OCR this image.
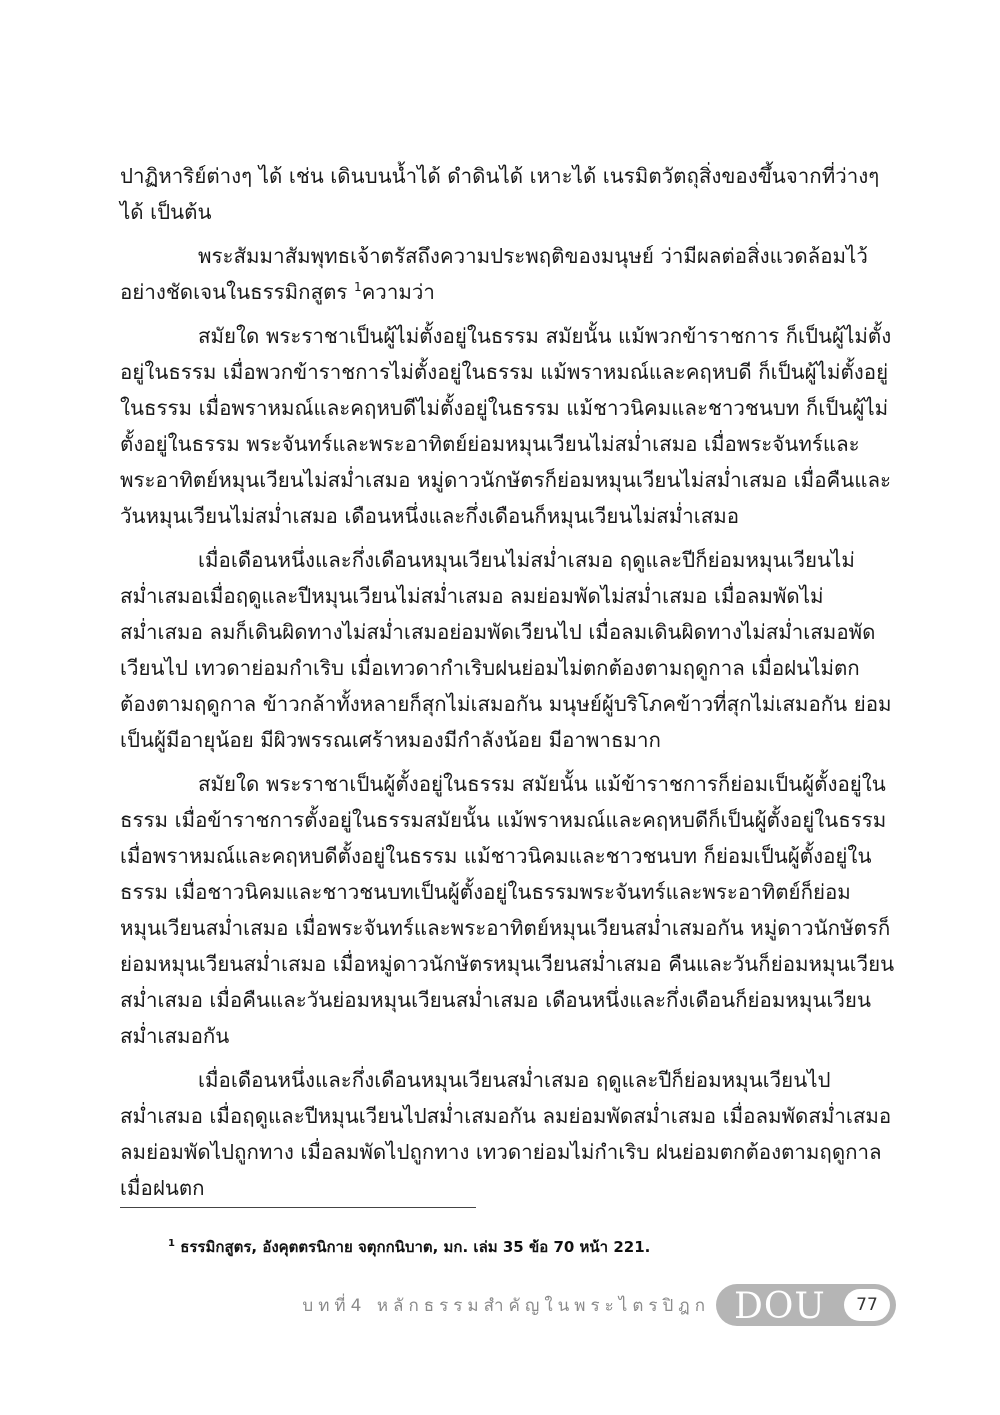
ปาฏิหาริย์ต่างๆ ได้ เช่น เดินบนน้ำได้ ดำดินได้ เหาะได้ เนรมิตวัตถุสิ่งของขึ้นจากที่ว่างๆ ได้ เป็นต้น

พระสัมมาสัมพุทธเจ้าตรัสถึงความประพฤติของมนุษย์ ว่ามีผลต่อสิ่งแวดล้อมไว้อย่างชัดเจนในธรรมิกสูตร $^1$ความว่า

สมัยใด พระราชาเป็นผู้ไม่ตั้งอยู่ในธรรม สมัยนั้น แม้พวกข้าราชการ ก็เป็นผู้ไม่ตั้งอยู่ในธรรม เมื่อพวกข้าราชการไม่ตั้งอยู่ในธรรม แม้พราหมณ์และคฤหบดี ก็เป็นผู้ไม่ตั้งอยู่ในธรรม เมื่อพราหมณ์และคฤหบดีไม่ตั้งอยู่ในธรรม แม้ชาวนิคมและชาวชนบท ก็เป็นผู้ไม่ตั้งอยู่ในธรรม พระจันทร์และพระอาทิตย์ย่อมหมุนเวียนไม่สม่ำเสมอ เมื่อพระจันทร์และพระอาทิตย์หมุนเวียนไม่สม่ำเสมอ หมู่ดาวนักษัตรก็ย่อมหมุนเวียนไม่สม่ำเสมอ เมื่อคืนและวันหมุนเวียนไม่สม่ำเสมอ เดือนหนึ่งและกึ่งเดือนก็หมุนเวียนไม่สม่ำเสมอ

เมื่อเดือนหนึ่งและกึ่งเดือนหมุนเวียนไม่สม่ำเสมอ ฤดูและปีก็ย่อมหมุนเวียนไม่สม่ำเสมอเมื่อฤดูและปีหมุนเวียนไม่สม่ำเสมอ ลมย่อมพัดไม่สม่ำเสมอ เมื่อลมพัดไม่สม่ำเสมอ ลมก็เดินผิดทางไม่สม่ำเสมอย่อมพัดเวียนไป เมื่อลมเดินผิดทางไม่สม่ำเสมอพัดเวียนไป เทวดาย่อมกำเริบ เมื่อเทวดากำเริบฝนย่อมไม่ตกต้องตามฤดูกาล เมื่อฝนไม่ตกต้องตามฤดูกาล ข้าวกล้าทั้งหลายก็สุกไม่เสมอกัน มนุษย์ผู้บริโภคข้าวที่สุกไม่เสมอกัน ย่อมเป็นผู้มีอายุน้อย มีผิวพรรณเศร้าหมองมีกำลังน้อย มีอาพาธมาก

สมัยใด พระราชาเป็นผู้ตั้งอยู่ในธรรม สมัยนั้น แม้ข้าราชการก็ย่อมเป็นผู้ตั้งอยู่ในธรรม เมื่อข้าราชการตั้งอยู่ในธรรมสมัยนั้น แม้พราหมณ์และคฤหบดีก็เป็นผู้ตั้งอยู่ในธรรม เมื่อพราหมณ์และคฤหบดีตั้งอยู่ในธรรม แม้ชาวนิคมและชาวชนบท ก็ย่อมเป็นผู้ตั้งอยู่ในธรรม เมื่อชาวนิคมและชาวชนบทเป็นผู้ตั้งอยู่ในธรรมพระจันทร์และพระอาทิตย์ก็ย่อมหมุนเวียนสม่ำเสมอ เมื่อพระจันทร์และพระอาทิตย์หมุนเวียนสม่ำเสมอกัน หมู่ดาวนักษัตรก็ย่อมหมุนเวียนสม่ำเสมอ เมื่อหมู่ดาวนักษัตรหมุนเวียนสม่ำเสมอ คืนและวันก็ย่อมหมุนเวียนสม่ำเสมอ เมื่อคืนและวันย่อมหมุนเวียนสม่ำเสมอ เดือนหนึ่งและกึ่งเดือนก็ย่อมหมุนเวียนสม่ำเสมอกัน

เมื่อเดือนหนึ่งและกึ่งเดือนหมุนเวียนสม่ำเสมอ ฤดูและปีก็ย่อมหมุนเวียนไปสม่ำเสมอ เมื่อฤดูและปีหมุนเวียนไปสม่ำเสมอกัน ลมย่อมพัดสม่ำเสมอ เมื่อลมพัดสม่ำเสมอ ลมย่อมพัดไปถูกทาง เมื่อลมพัดไปถูกทาง เทวดาย่อมไม่กำเริบ ฝนย่อมตกต้องตามฤดูกาล เมื่อฝนตก

$^1$ ธรรมิกสูตร, อังคุตตรนิกาย จตุกกนิบาต, มก. เล่ม 35 ข้อ 70 หน้า 221.
บทที่4 หลักธรรมสำคัญในพระไตรปิฎก DOU	77
